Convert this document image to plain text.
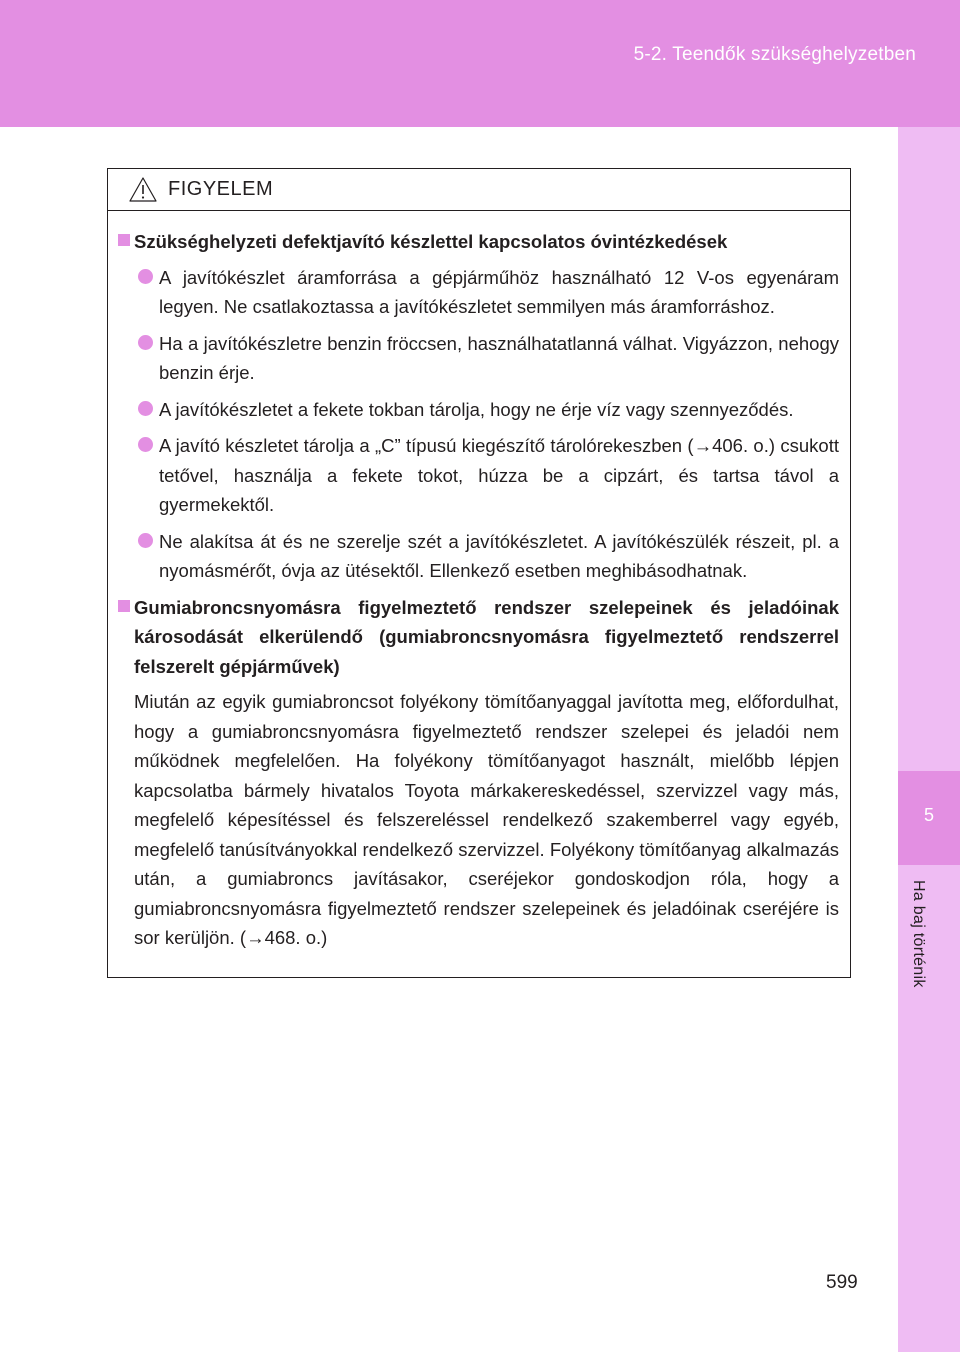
5-2. Teendők szükséghelyzetben
5
Ha baj történik
FIGYELEM
Szükséghelyzeti defektjavító készlettel kapcsolatos óvintézkedések
A javítókészlet áramforrása a gépjárműhöz használható 12 V-os egyenáram legyen. Ne csatlakoztassa a javítókészletet semmilyen más áramforráshoz.
Ha a javítókészletre benzin fröccsen, használhatatlanná válhat. Vigyázzon, nehogy benzin érje.
A javítókészletet a fekete tokban tárolja, hogy ne érje víz vagy szennyeződés.
A javító készletet tárolja a „C” típusú kiegészítő tárolórekeszben (→406. o.) csukott tetővel, használja a fekete tokot, húzza be a cipzárt, és tartsa távol a gyermekektől.
Ne alakítsa át és ne szerelje szét a javítókészletet. A javítókészülék részeit, pl. a nyomásmérőt, óvja az ütésektől. Ellenkező esetben meghibásodhatnak.
Gumiabroncsnyomásra figyelmeztető rendszer szelepeinek és jeladóinak károsodását elkerülendő (gumiabroncsnyomásra figyelmeztető rendszerrel felszerelt gépjárművek)
Miután az egyik gumiabroncsot folyékony tömítőanyaggal javította meg, előfordulhat, hogy a gumiabroncsnyomásra figyelmeztető rendszer szelepei és jeladói nem működnek megfelelően. Ha folyékony tömítőanyagot használt, mielőbb lépjen kapcsolatba bármely hivatalos Toyota márkakereskedéssel, szervizzel vagy más, megfelelő képesítéssel és felszereléssel rendelkező szakemberrel vagy egyéb, megfelelő tanúsítványokkal rendelkező szervizzel. Folyékony tömítőanyag alkalmazás után, a gumiabroncs javításakor, cseréjekor gondoskodjon róla, hogy a gumiabroncsnyomásra figyelmeztető rendszer szelepeinek és jeladóinak cseréjére is sor kerüljön. (→468. o.)
599
